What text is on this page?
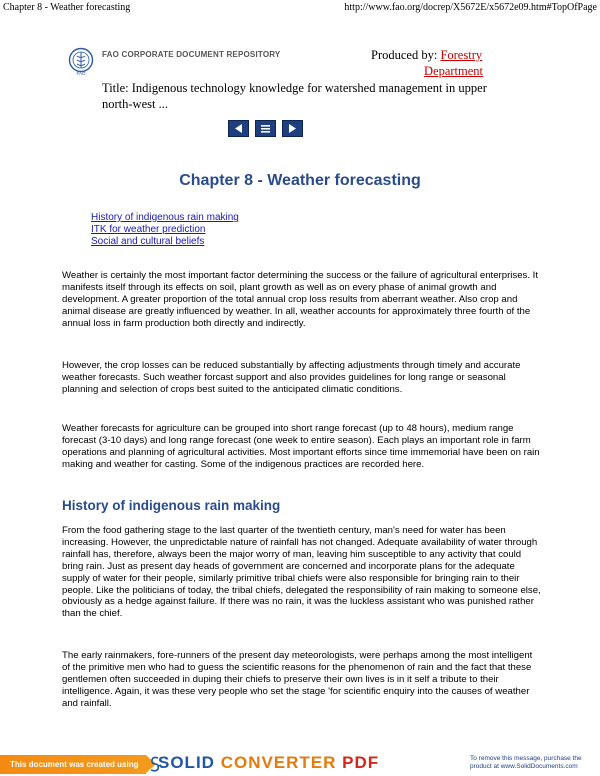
Chapter 8 - Weather forecasting	http://www.fao.org/docrep/X5672E/x5672e09.htm#TopOfPage
FAO
FAO CORPORATE DOCUMENT REPOSITORY	Produced by: Forestry
Department
Title: Indigenous technology knowledge for watershed management in upper north-west ...
Chapter 8 - Weather forecasting
History of indigenous rain making
ITK for weather prediction
Social and cultural beliefs
Weather is certainly the most important factor determining the success or the failure of agricultural enterprises. It manifests itself through its effects on soil, plant growth as well as on every phase of animal growth and development. A greater proportion of the total annual crop loss results from aberrant weather. Also crop and animal disease are greatly influenced by weather. In all, weather accounts for approximately three fourth of the annual loss in farm production both directly and indirectly.
However, the crop losses can be reduced substantially by affecting adjustments through timely and accurate weather forecasts. Such weather forcast support and also provides guidelines for long range or seasonal planning and selection of crops best suited to the anticipated climatic conditions.
Weather forecasts for agriculture can be grouped into short range forecast (up to 48 hours), medium range forecast (3-10 days) and long range forecast (one week to entire season). Each plays an important role in farm operations and planning of agricultural activities. Most important efforts since time immemorial have been on rain making and weather for casting. Some of the indigenous practices are recorded here.
History of indigenous rain making
From the food gathering stage to the last quarter of the twentieth century, man's need for water has been increasing. However, the unpredictable nature of rainfall has not changed. Adequate availability of water through rainfall has, therefore, always been the major worry of man, leaving him susceptible to any activity that could bring rain. Just as present day heads of government are concerned and incorporate plans for the adequate supply of water for their people, similarly primitive tribal chiefs were also responsible for bringing rain to their people. Like the politicians of today, the tribal chiefs, delegated the responsibility of rain making to someone else, obviously as a hedge against failure. If there was no rain, it was the luckless assistant who was punished rather than the chief.
The early rainmakers, fore-runners of the present day meteorologists, were perhaps among the most intelligent of the primitive men who had to guess the scientific reasons for the phenomenon of rain and the fact that these gentlemen often succeeded in duping their chiefs to preserve their own lives is in it self a tribute to their intelligence. Again, it was these very people who set the stage 'for scientific enquiry into the causes of weather and rainfall.
This document was created using	SOLID CONVERTER PDF	To remove this message, purchase the
product at www.SolidDocuments.com
